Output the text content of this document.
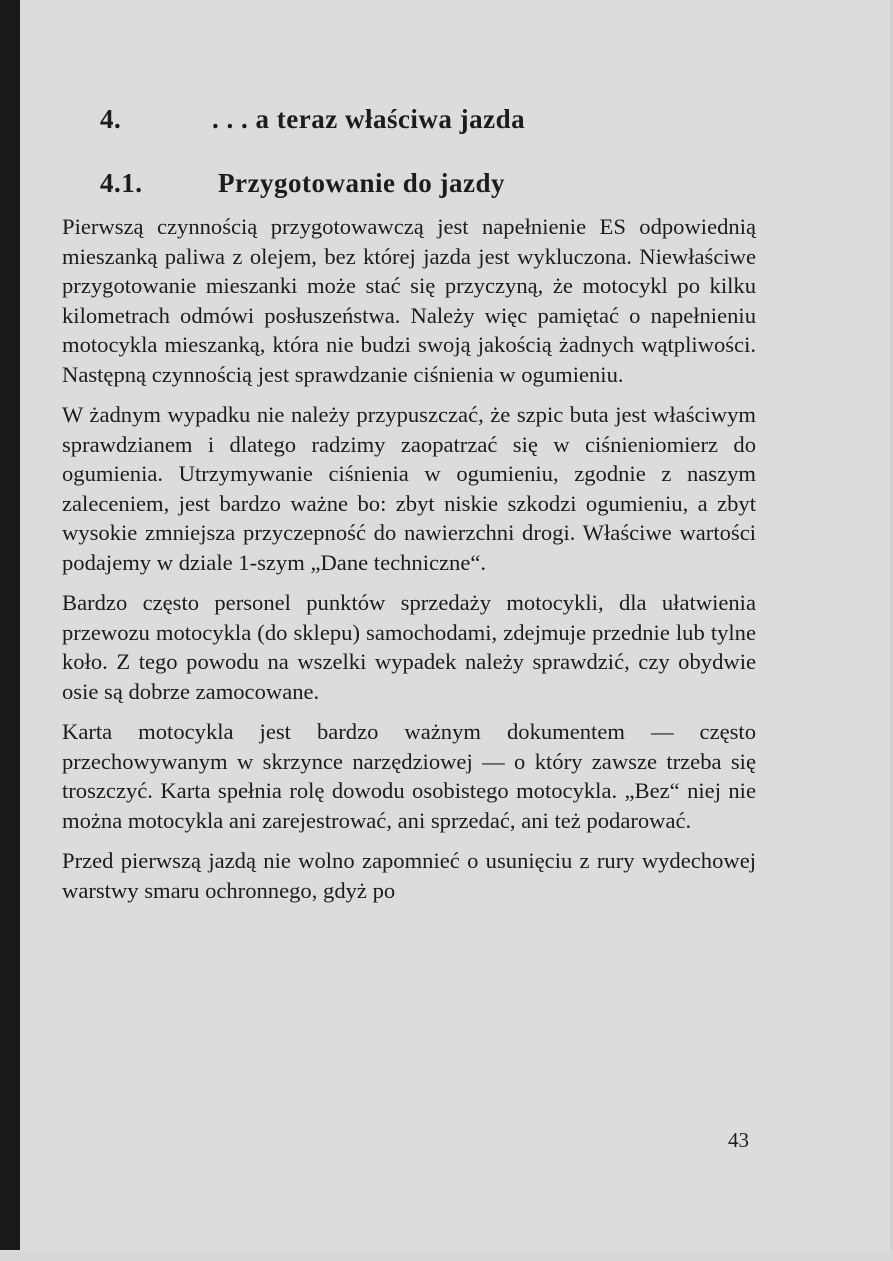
4.	. . . a teraz właściwa jazda
4.1.	Przygotowanie do jazdy

Pierwszą czynnością przygotowawczą jest napełnienie ES odpowiednią mieszanką paliwa z olejem, bez której jazda jest wykluczona. Niewłaściwe przygotowanie mieszanki może stać się przyczyną, że motocykl po kilku kilometrach odmówi posłuszeństwa. Należy więc pamiętać o napełnieniu motocykla mieszanką, która nie budzi swoją jakością żadnych wątpliwości. Następną czynnością jest sprawdzanie ciśnienia w ogumieniu.

W żadnym wypadku nie należy przypuszczać, że szpic buta jest właściwym sprawdzianem i dlatego radzimy zaopatrzać się w ciśnieniomierz do ogumienia. Utrzymywanie ciśnienia w ogumieniu, zgodnie z naszym zaleceniem, jest bardzo ważne bo: zbyt niskie szkodzi ogumieniu, a zbyt wysokie zmniejsza przyczepność do nawierzchni drogi. Właściwe wartości podajemy w dziale 1-szym „Dane techniczne“.

Bardzo często personel punktów sprzedaży motocykli, dla ułatwienia przewozu motocykla (do sklepu) samochodami, zdejmuje przednie lub tylne koło. Z tego powodu na wszelki wypadek należy sprawdzić, czy obydwie osie są dobrze zamocowane.

Karta motocykla jest bardzo ważnym dokumentem — często przechowywanym w skrzynce narzędziowej — o który zawsze trzeba się troszczyć. Karta spełnia rolę dowodu osobistego motocykla. „Bez“ niej nie można motocykla ani zarejestrować, ani sprzedać, ani też podarować.

Przed pierwszą jazdą nie wolno zapomnieć o usunięciu z rury wydechowej warstwy smaru ochronnego, gdyż po

43
